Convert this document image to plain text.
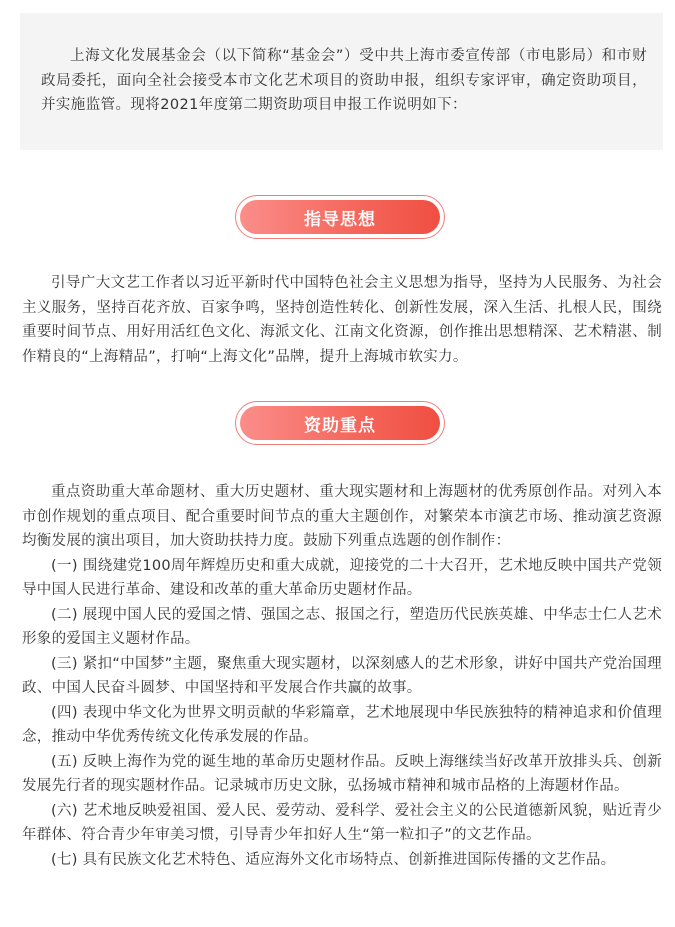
上海文化发展基金会（以下简称“基金会”）受中共上海市委宣传部（市电影局）和市财政局委托，面向全社会接受本市文化艺术项目的资助申报，组织专家评审，确定资助项目，并实施监管。现将2021年度第二期资助项目申报工作说明如下：

指导思想

引导广大文艺工作者以习近平新时代中国特色社会主义思想为指导，坚持为人民服务、为社会主义服务，坚持百花齐放、百家争鸣，坚持创造性转化、创新性发展，深入生活、扎根人民，围绕重要时间节点、用好用活红色文化、海派文化、江南文化资源，创作推出思想精深、艺术精湛、制作精良的“上海精品”，打响“上海文化”品牌，提升上海城市软实力。

资助重点

重点资助重大革命题材、重大历史题材、重大现实题材和上海题材的优秀原创作品。对列入本市创作规划的重点项目、配合重要时间节点的重大主题创作，对繁荣本市演艺市场、推动演艺资源均衡发展的演出项目，加大资助扶持力度。鼓励下列重点选题的创作制作：

(一) 围绕建党100周年辉煌历史和重大成就，迎接党的二十大召开，艺术地反映中国共产党领导中国人民进行革命、建设和改革的重大革命历史题材作品。

(二) 展现中国人民的爱国之情、强国之志、报国之行，塑造历代民族英雄、中华志士仁人艺术形象的爱国主义题材作品。

(三) 紧扣“中国梦”主题，聚焦重大现实题材，以深刻感人的艺术形象，讲好中国共产党治国理政、中国人民奋斗圆梦、中国坚持和平发展合作共赢的故事。

(四) 表现中华文化为世界文明贡献的华彩篇章，艺术地展现中华民族独特的精神追求和价值理念，推动中华优秀传统文化传承发展的作品。

(五) 反映上海作为党的诞生地的革命历史题材作品。反映上海继续当好改革开放排头兵、创新发展先行者的现实题材作品。记录城市历史文脉，弘扬城市精神和城市品格的上海题材作品。

(六) 艺术地反映爱祖国、爱人民、爱劳动、爱科学、爱社会主义的公民道德新风貌，贴近青少年群体、符合青少年审美习惯，引导青少年扣好人生“第一粒扣子”的文艺作品。

(七) 具有民族文化艺术特色、适应海外文化市场特点、创新推进国际传播的文艺作品。
